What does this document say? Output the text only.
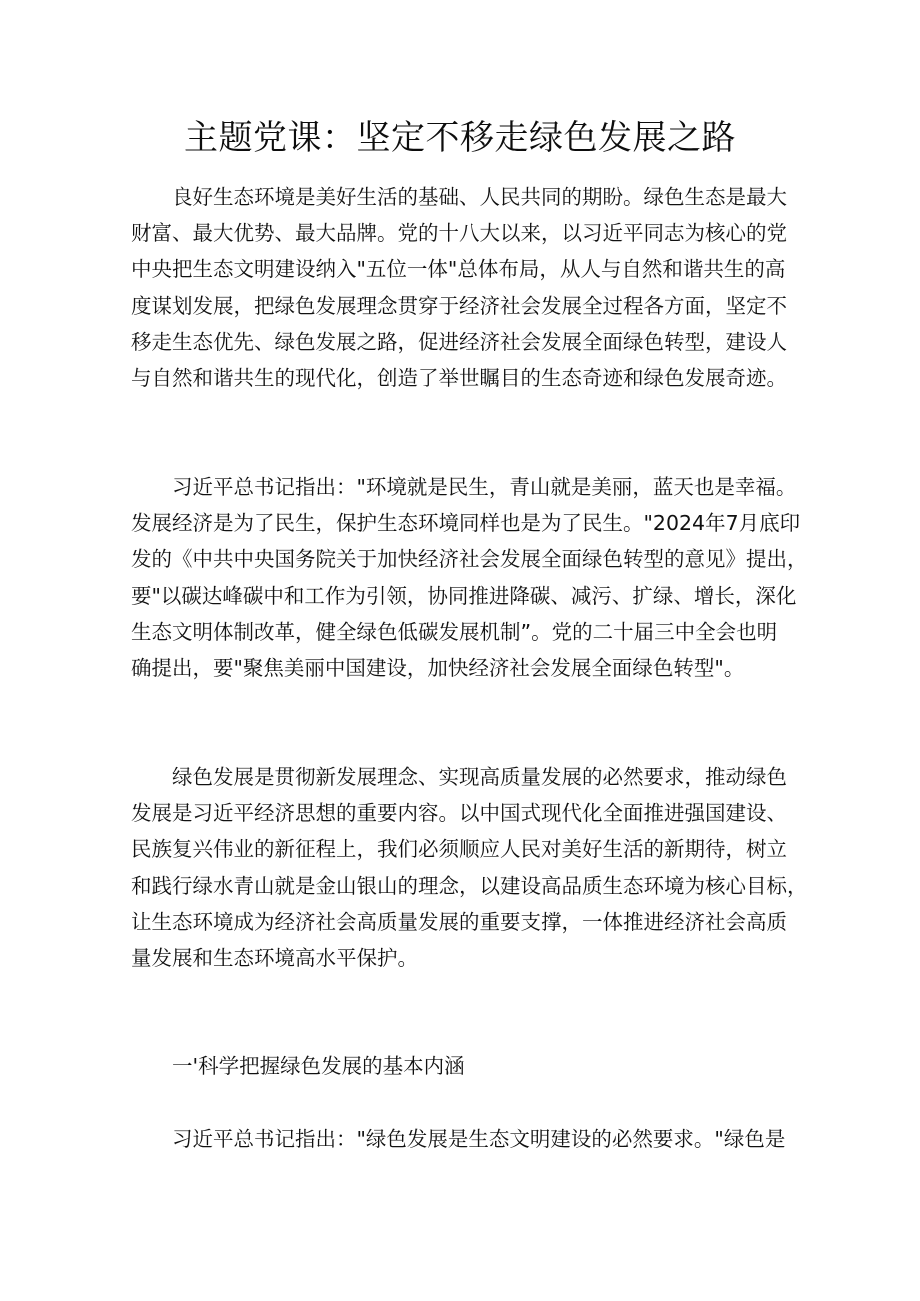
主题党课：坚定不移走绿色发展之路
良好生态环境是美好生活的基础、人民共同的期盼。绿色生态是最大
财富、最大优势、最大品牌。党的十八大以来，以习近平同志为核心的党
中央把生态文明建设纳入"五位一体"总体布局，从人与自然和谐共生的高
度谋划发展，把绿色发展理念贯穿于经济社会发展全过程各方面，坚定不
移走生态优先、绿色发展之路，促进经济社会发展全面绿色转型，建设人
与自然和谐共生的现代化，创造了举世瞩目的生态奇迹和绿色发展奇迹。
习近平总书记指出："环境就是民生，青山就是美丽，蓝天也是幸福。
发展经济是为了民生，保护生态环境同样也是为了民生。"2024年7月底印
发的《中共中央国务院关于加快经济社会发展全面绿色转型的意见》提出，
要"以碳达峰碳中和工作为引领，协同推进降碳、减污、扩绿、增长，深化
生态文明体制改革，健全绿色低碳发展机制”。党的二十届三中全会也明
确提出，要"聚焦美丽中国建设，加快经济社会发展全面绿色转型"。
绿色发展是贯彻新发展理念、实现高质量发展的必然要求，推动绿色
发展是习近平经济思想的重要内容。以中国式现代化全面推进强国建设、
民族复兴伟业的新征程上，我们必须顺应人民对美好生活的新期待，树立
和践行绿水青山就是金山银山的理念，以建设高品质生态环境为核心目标，
让生态环境成为经济社会高质量发展的重要支撑，一体推进经济社会高质
量发展和生态环境高水平保护。
一'科学把握绿色发展的基本内涵
习近平总书记指出："绿色发展是生态文明建设的必然要求。"绿色是
